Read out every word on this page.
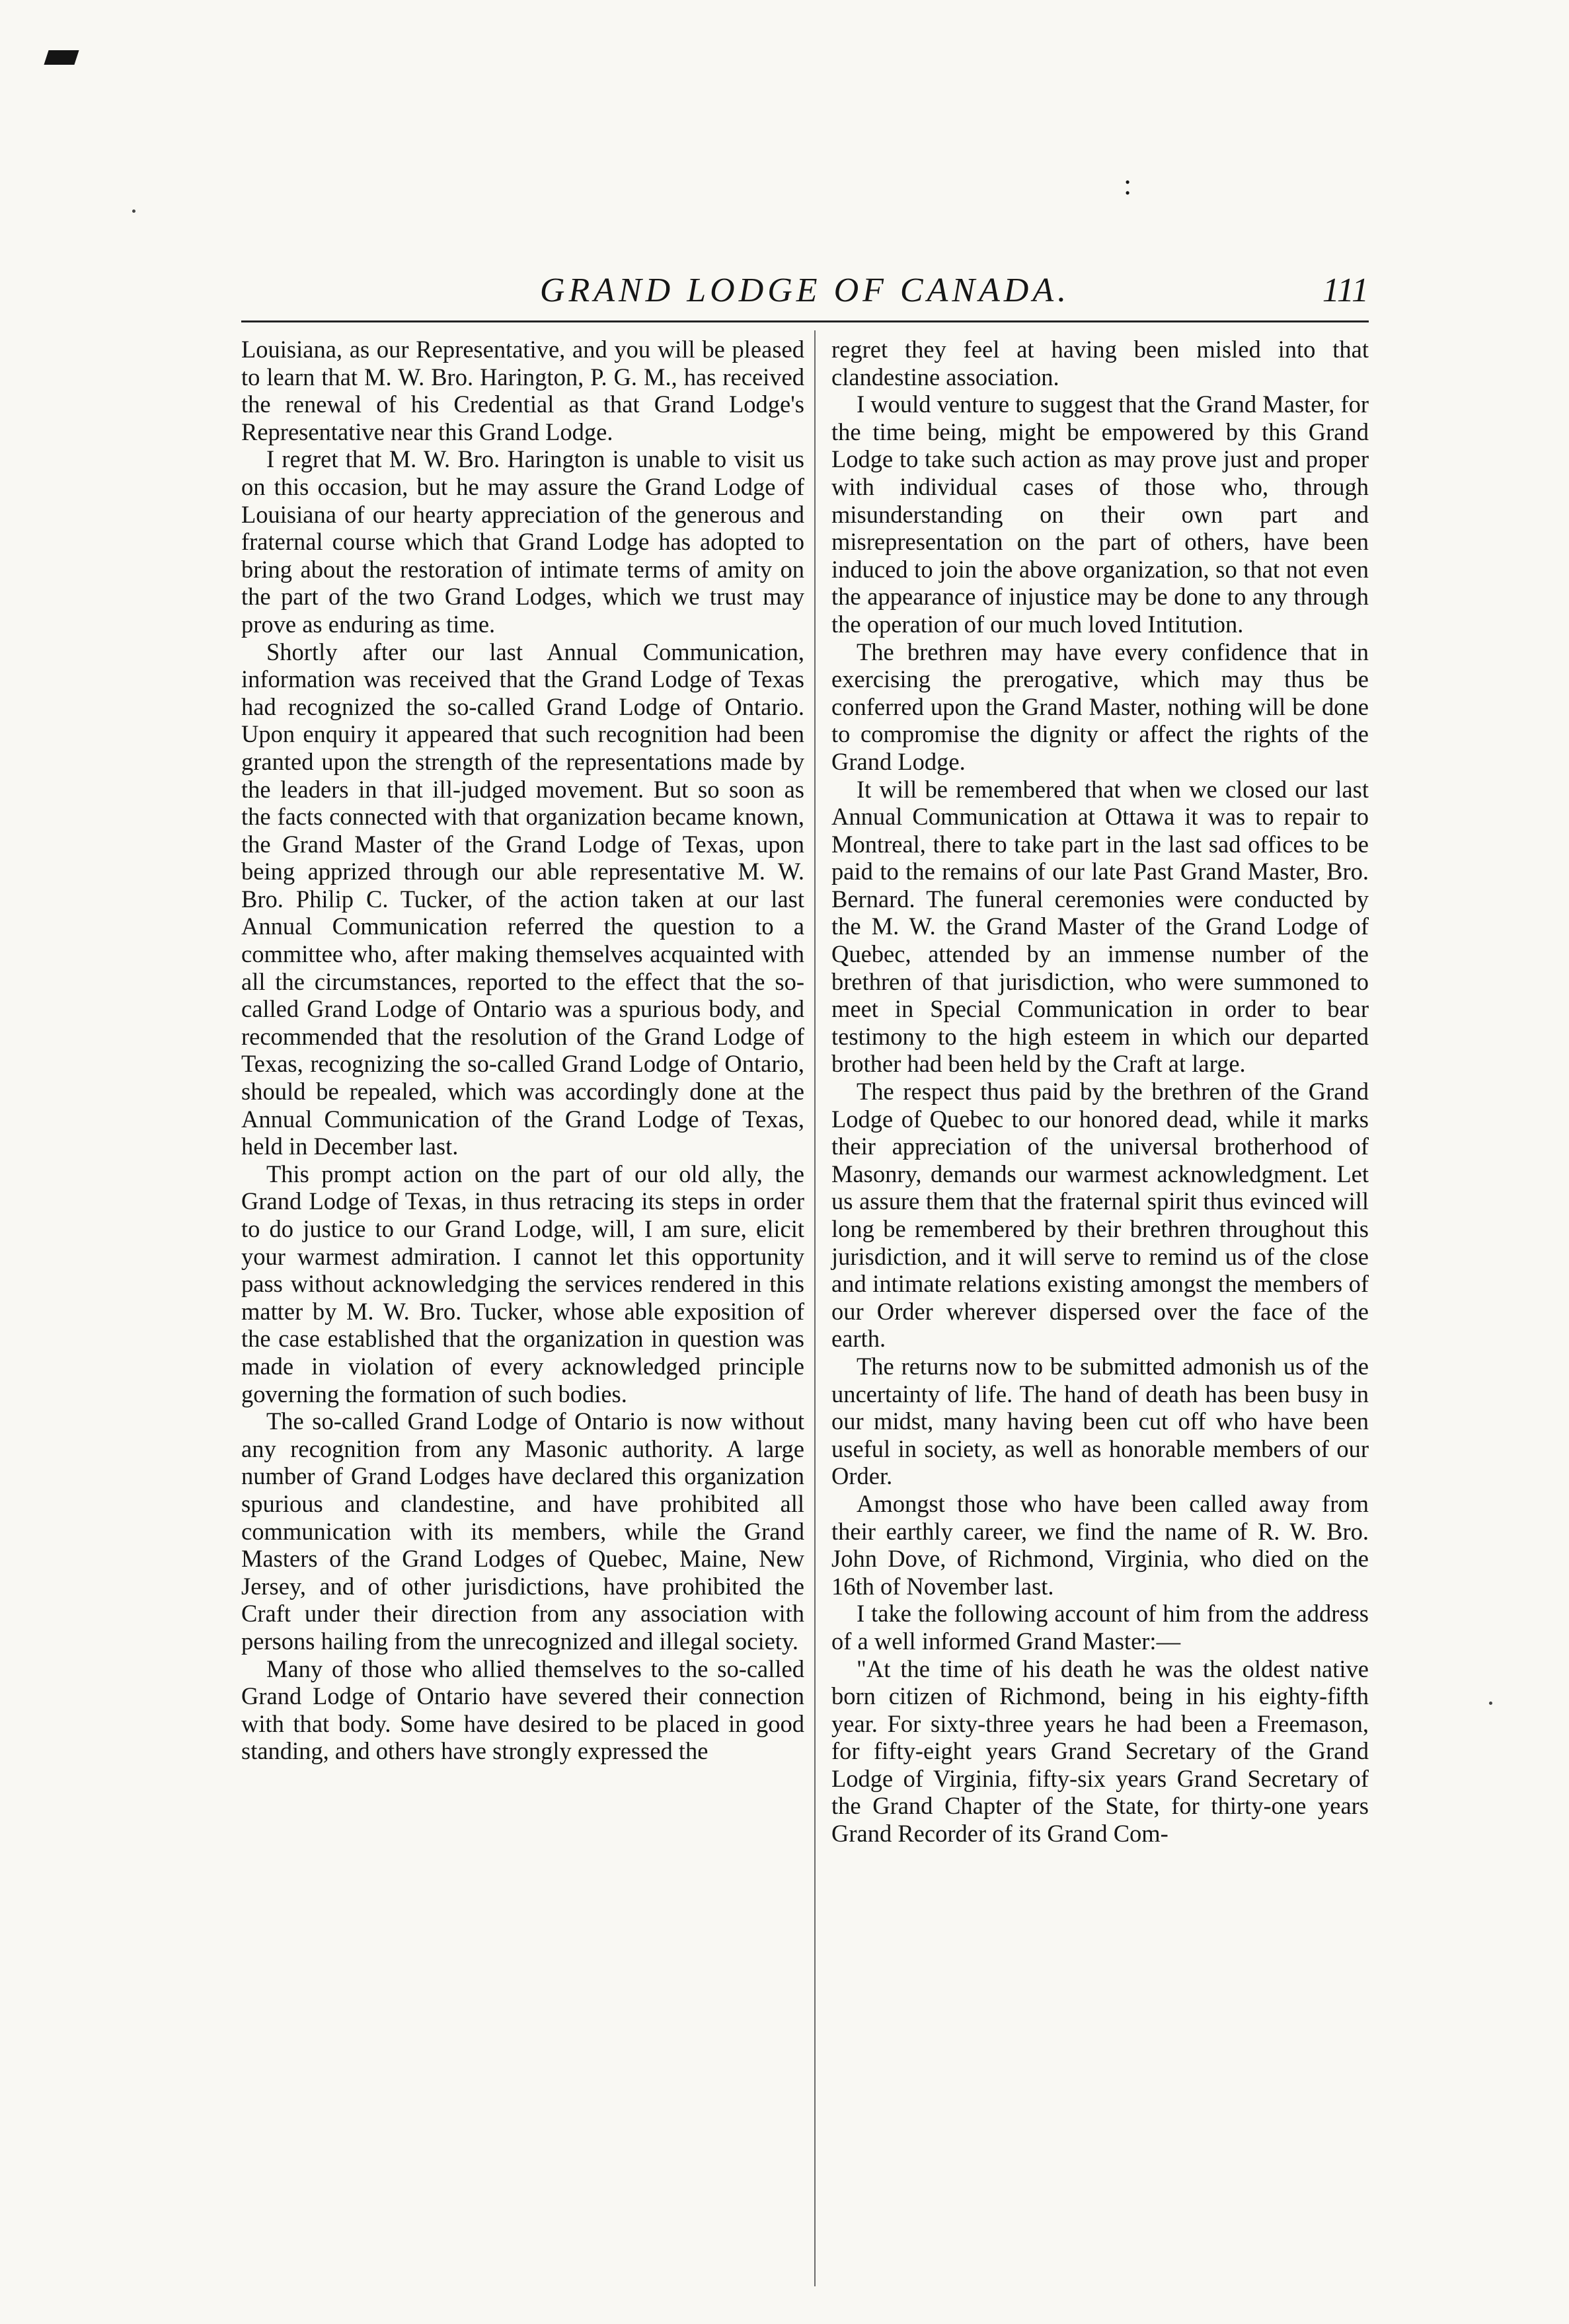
:
GRAND LODGE OF CANADA.	111

Louisiana, as our Representative, and you will be pleased to learn that M. W. Bro. Harington, P. G. M., has received the renewal of his Credential as that Grand Lodge's Representative near this Grand Lodge.

I regret that M. W. Bro. Harington is unable to visit us on this occasion, but he may assure the Grand Lodge of Louisiana of our hearty appreciation of the generous and fraternal course which that Grand Lodge has adopted to bring about the restoration of intimate terms of amity on the part of the two Grand Lodges, which we trust may prove as enduring as time.

Shortly after our last Annual Communication, information was received that the Grand Lodge of Texas had recognized the so-called Grand Lodge of Ontario. Upon enquiry it appeared that such recognition had been granted upon the strength of the representations made by the leaders in that ill-judged movement. But so soon as the facts connected with that organization became known, the Grand Master of the Grand Lodge of Texas, upon being apprized through our able representative M. W. Bro. Philip C. Tucker, of the action taken at our last Annual Communication referred the question to a committee who, after making themselves acquainted with all the circumstances, reported to the effect that the so-called Grand Lodge of Ontario was a spurious body, and recommended that the resolution of the Grand Lodge of Texas, recognizing the so-called Grand Lodge of Ontario, should be repealed, which was accordingly done at the Annual Communication of the Grand Lodge of Texas, held in December last.

This prompt action on the part of our old ally, the Grand Lodge of Texas, in thus retracing its steps in order to do justice to our Grand Lodge, will, I am sure, elicit your warmest admiration. I cannot let this opportunity pass without acknowledging the services rendered in this matter by M. W. Bro. Tucker, whose able exposition of the case established that the organization in question was made in violation of every acknowledged principle governing the formation of such bodies.

The so-called Grand Lodge of Ontario is now without any recognition from any Masonic authority. A large number of Grand Lodges have declared this organization spurious and clandestine, and have prohibited all communication with its members, while the Grand Masters of the Grand Lodges of Quebec, Maine, New Jersey, and of other jurisdictions, have prohibited the Craft under their direction from any association with persons hailing from the unrecognized and illegal society.

Many of those who allied themselves to the so-called Grand Lodge of Ontario have severed their connection with that body. Some have desired to be placed in good standing, and others have strongly expressed the

regret they feel at having been misled into that clandestine association.

I would venture to suggest that the Grand Master, for the time being, might be empowered by this Grand Lodge to take such action as may prove just and proper with individual cases of those who, through misunderstanding on their own part and misrepresentation on the part of others, have been induced to join the above organization, so that not even the appearance of injustice may be done to any through the operation of our much loved Intitution.

The brethren may have every confidence that in exercising the prerogative, which may thus be conferred upon the Grand Master, nothing will be done to compromise the dignity or affect the rights of the Grand Lodge.

It will be remembered that when we closed our last Annual Communication at Ottawa it was to repair to Montreal, there to take part in the last sad offices to be paid to the remains of our late Past Grand Master, Bro. Bernard. The funeral ceremonies were conducted by the M. W. the Grand Master of the Grand Lodge of Quebec, attended by an immense number of the brethren of that jurisdiction, who were summoned to meet in Special Communication in order to bear testimony to the high esteem in which our departed brother had been held by the Craft at large.

The respect thus paid by the brethren of the Grand Lodge of Quebec to our honored dead, while it marks their appreciation of the universal brotherhood of Masonry, demands our warmest acknowledgment. Let us assure them that the fraternal spirit thus evinced will long be remembered by their brethren throughout this jurisdiction, and it will serve to remind us of the close and intimate relations existing amongst the members of our Order wherever dispersed over the face of the earth.

The returns now to be submitted admonish us of the uncertainty of life. The hand of death has been busy in our midst, many having been cut off who have been useful in society, as well as honorable members of our Order.

Amongst those who have been called away from their earthly career, we find the name of R. W. Bro. John Dove, of Richmond, Virginia, who died on the 16th of November last.

I take the following account of him from the address of a well informed Grand Master:—

"At the time of his death he was the oldest native born citizen of Richmond, being in his eighty-fifth year. For sixty-three years he had been a Freemason, for fifty-eight years Grand Secretary of the Grand Lodge of Virginia, fifty-six years Grand Secretary of the Grand Chapter of the State, for thirty-one years Grand Recorder of its Grand Com-
